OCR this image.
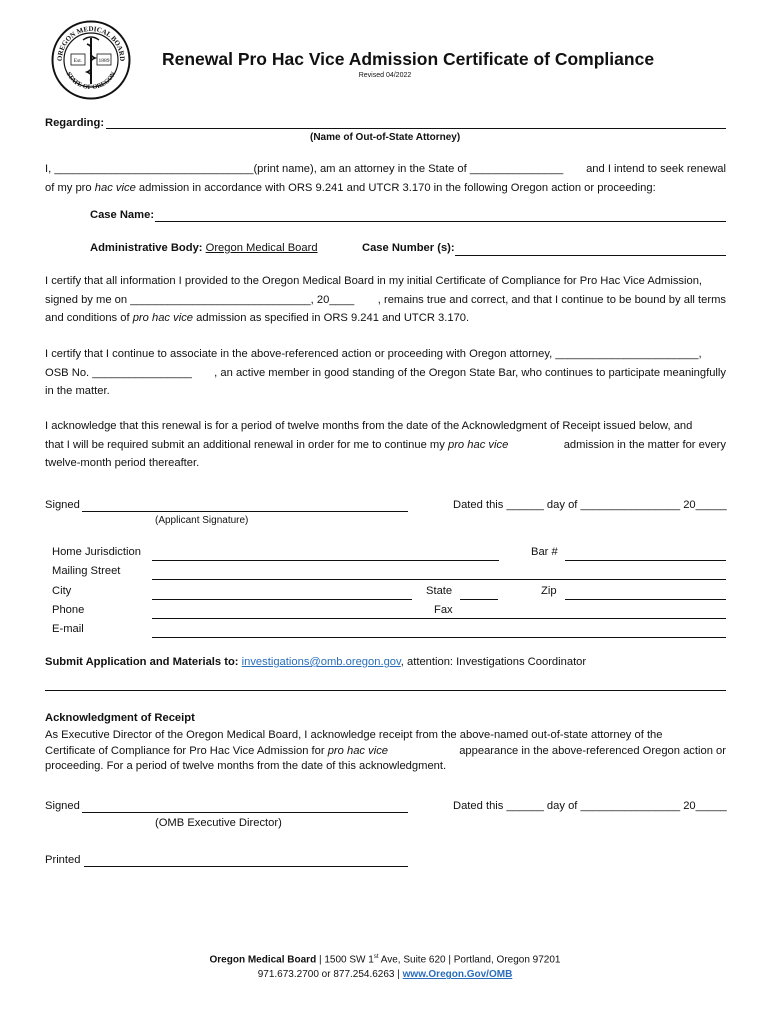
OREGON MEDICAL BOARD
STATE OF OREGON
Est.	1889	Renewal Pro Hac Vice Admission Certificate of Compliance
Revised 04/2022
Regarding:
(Name of Out-of-State Attorney)
I, ________________________________(print name), am an attorney in the State of _______________ and I intend to seek renewal
of my pro hac vice admission in accordance with ORS 9.241 and UTCR 3.170 in the following Oregon action or proceeding:
Case Name:
Administrative Body: Oregon Medical Board	Case Number (s):
I certify that all information I provided to the Oregon Medical Board in my initial Certificate of Compliance for Pro Hac Vice Admission,
signed by me on _____________________________, 20____ , remains true and correct, and that I continue to be bound by all terms
and conditions of pro hac vice admission as specified in ORS 9.241 and UTCR 3.170.
I certify that I continue to associate in the above-referenced action or proceeding with Oregon attorney, _______________________,
OSB No. ________________ , an active member in good standing of the Oregon State Bar, who continues to participate meaningfully
in the matter.
I acknowledge that this renewal is for a period of twelve months from the date of the Acknowledgment of Receipt issued below, and
that I will be required submit an additional renewal in order for me to continue my pro hac vice	admission in the matter for every
twelve-month period thereafter.
Signed
(Applicant Signature)
Dated this ______ day of ________________ 20_____
Home Jurisdiction	Bar #
Mailing Street
City	State	Zip
Phone	Fax
E-mail
Submit Application and Materials to: investigations@omb.oregon.gov, attention: Investigations Coordinator
Acknowledgment of Receipt
As Executive Director of the Oregon Medical Board, I acknowledge receipt from the above-named out-of-state attorney of the
Certificate of Compliance for Pro Hac Vice Admission for pro hac vice	appearance in the above-referenced Oregon action or
proceeding. For a period of twelve months from the date of this acknowledgment.
Signed
(OMB Executive Director)
Dated this ______ day of ________________ 20_____
Printed
Oregon Medical Board | 1500 SW 1st Ave, Suite 620 | Portland, Oregon 97201
971.673.2700 or 877.254.6263 | www.Oregon.Gov/OMB
